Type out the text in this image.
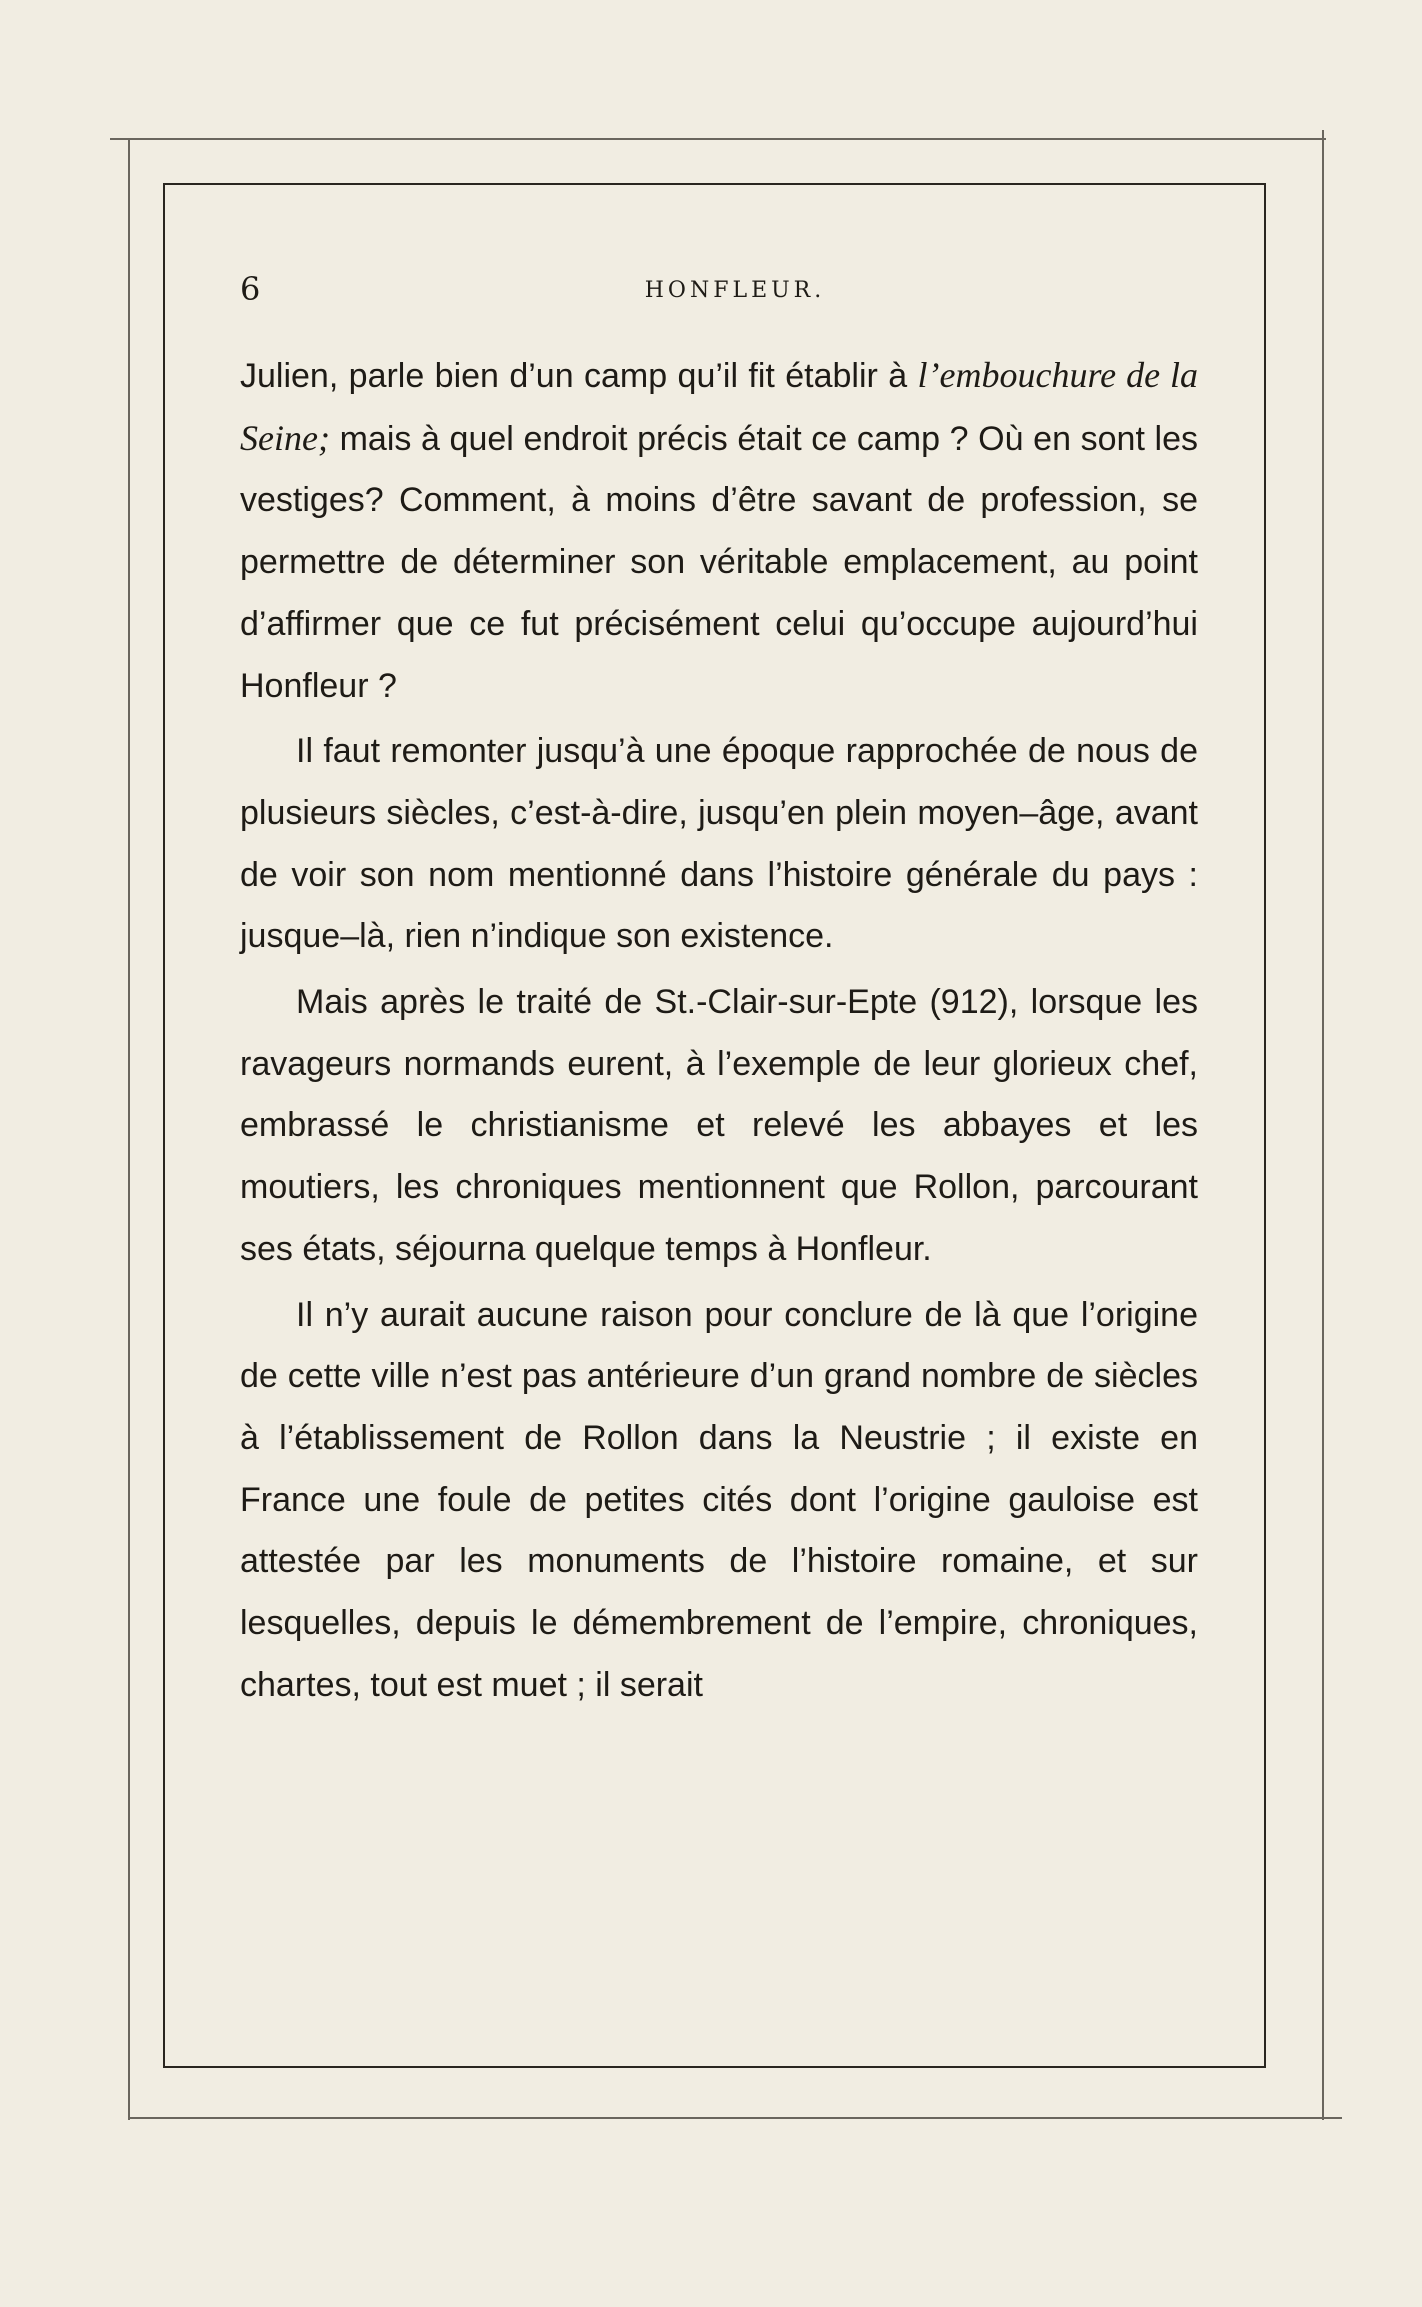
6	HONFLEUR.

Julien, parle bien d’un camp qu’il fit établir à l’embouchure de la Seine; mais à quel endroit précis était ce camp ? Où en sont les vestiges? Comment, à moins d’être savant de profession, se permettre de déterminer son véritable emplacement, au point d’affirmer que ce fut précisément celui qu’occupe aujourd’hui Honfleur ?

Il faut remonter jusqu’à une époque rapprochée de nous de plusieurs siècles, c’est-à-dire, jusqu’en plein moyen–âge, avant de voir son nom mentionné dans l’histoire générale du pays : jusque–là, rien n’indique son existence.

Mais après le traité de St.-Clair-sur-Epte (912), lorsque les ravageurs normands eurent, à l’exemple de leur glorieux chef, embrassé le christianisme et relevé les abbayes et les moutiers, les chroniques mentionnent que Rollon, parcourant ses états, séjourna quelque temps à Honfleur.

Il n’y aurait aucune raison pour conclure de là que l’origine de cette ville n’est pas antérieure d’un grand nombre de siècles à l’établissement de Rollon dans la Neustrie ; il existe en France une foule de petites cités dont l’origine gauloise est attestée par les monuments de l’histoire romaine, et sur lesquelles, depuis le démembrement de l’empire, chroniques, chartes, tout est muet ; il serait
